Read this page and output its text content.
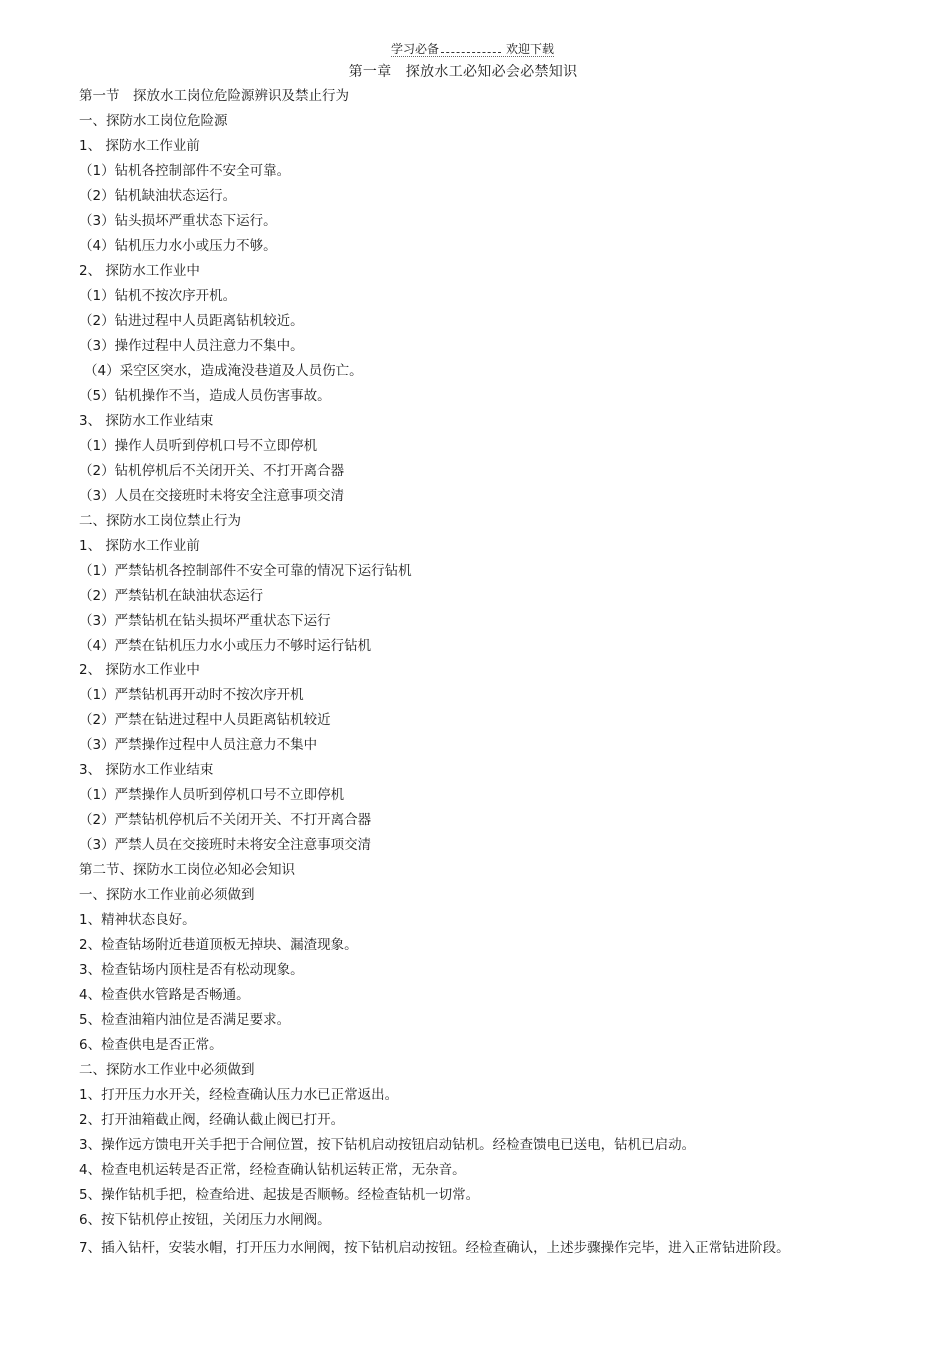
学习必备	欢迎下载
第一章　探放水工必知必会必禁知识
第一节　探放水工岗位危险源辨识及禁止行为
一、探防水工岗位危险源
1、 探防水工作业前
（1）钻机各控制部件不安全可靠。
（2）钻机缺油状态运行。
（3）钻头损坏严重状态下运行。
（4）钻机压力水小或压力不够。
2、 探防水工作业中
（1）钻机不按次序开机。
（2）钻进过程中人员距离钻机较近。
（3）操作过程中人员注意力不集中。
（4）采空区突水，造成淹没巷道及人员伤亡。
（5）钻机操作不当，造成人员伤害事故。
3、 探防水工作业结束
（1）操作人员听到停机口号不立即停机
（2）钻机停机后不关闭开关、不打开离合器
（3）人员在交接班时未将安全注意事项交清
二、探防水工岗位禁止行为
1、 探防水工作业前
（1）严禁钻机各控制部件不安全可靠的情况下运行钻机
（2）严禁钻机在缺油状态运行
（3）严禁钻机在钻头损坏严重状态下运行
（4）严禁在钻机压力水小或压力不够时运行钻机
2、 探防水工作业中
（1）严禁钻机再开动时不按次序开机
（2）严禁在钻进过程中人员距离钻机较近
（3）严禁操作过程中人员注意力不集中
3、 探防水工作业结束
（1）严禁操作人员听到停机口号不立即停机
（2）严禁钻机停机后不关闭开关、不打开离合器
（3）严禁人员在交接班时未将安全注意事项交清
第二节、探防水工岗位必知必会知识
一、探防水工作业前必须做到
1、精神状态良好。
2、检查钻场附近巷道顶板无掉块、漏渣现象。
3、检查钻场内顶柱是否有松动现象。
4、检查供水管路是否畅通。
5、检查油箱内油位是否满足要求。
6、检查供电是否正常。
二、探防水工作业中必须做到
1、打开压力水开关，经检查确认压力水已正常返出。
2、打开油箱截止阀，经确认截止阀已打开。
3、操作远方馈电开关手把于合闸位置，按下钻机启动按钮启动钻机。经检查馈电已送电，钻机已启动。
4、检查电机运转是否正常，经检查确认钻机运转正常，无杂音。
5、操作钻机手把，检查给进、起拔是否顺畅。经检查钻机一切常。
6、按下钻机停止按钮，关闭压力水闸阀。
7、插入钻杆，安装水帽，打开压力水闸阀，按下钻机启动按钮。经检查确认，上述步骤操作完毕，进入正常钻进阶段。
